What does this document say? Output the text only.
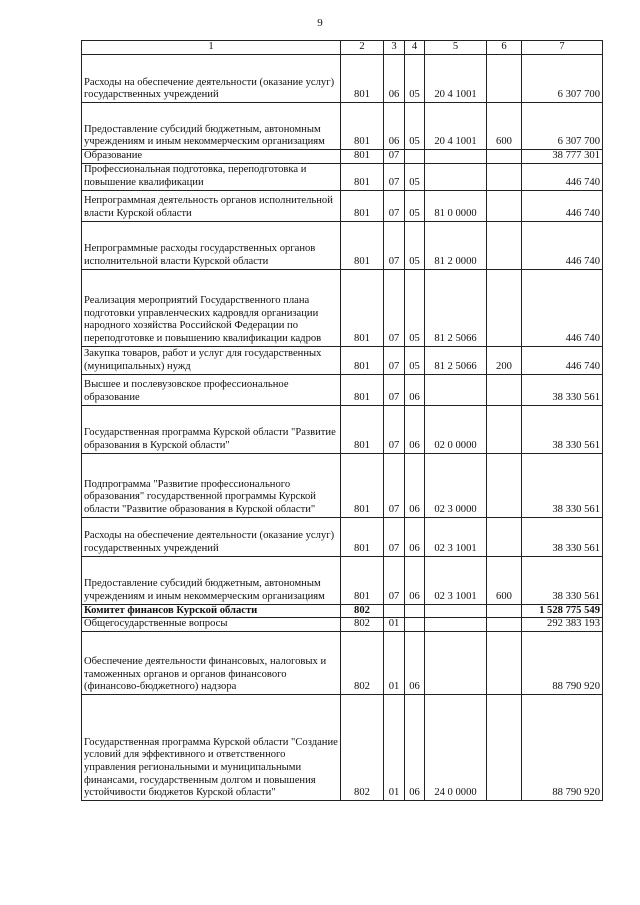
9
1	2	3	4	5	6	7
Расходы на обеспечение деятельности (оказание услуг) государственных учреждений	801	06	05	20 4 1001		6 307 700
Предоставление субсидий бюджетным, автономным учреждениям и иным некоммерческим организациям	801	06	05	20 4 1001	600	6 307 700
Образование	801	07				38 777 301
Профессиональная подготовка, переподготовка и повышение квалификации	801	07	05			446 740
Непрограммная деятельность органов исполнительной власти Курской области	801	07	05	81 0 0000		446 740
Непрограммные расходы государственных органов исполнительной власти Курской области	801	07	05	81 2 0000		446 740
Реализация мероприятий Государственного плана подготовки управленческих кадровдля организации народного хозяйства Российской Федерации по переподготовке и повышению квалификации кадров	801	07	05	81 2 5066		446 740
Закупка товаров, работ и услуг для государственных (муниципальных) нужд	801	07	05	81 2 5066	200	446 740
Высшее и послевузовское профессиональное образование	801	07	06			38 330 561
Государственная программа Курской области "Развитие образования в Курской области"	801	07	06	02 0 0000		38 330 561
Подпрограмма "Развитие профессионального образования" государственной программы Курской области "Развитие образования в Курской области"	801	07	06	02 3 0000		38 330 561
Расходы на обеспечение деятельности (оказание услуг) государственных учреждений	801	07	06	02 3 1001		38 330 561
Предоставление субсидий бюджетным, автономным учреждениям и иным некоммерческим организациям	801	07	06	02 3 1001	600	38 330 561
Комитет финансов Курской области	802					1 528 775 549
Общегосударственные вопросы	802	01				292 383 193
Обеспечение деятельности финансовых, налоговых и таможенных органов и органов финансового (финансово-бюджетного) надзора	802	01	06			88 790 920
Государственная программа Курской области "Создание условий для эффективного и ответственного управления региональными и муниципальными финансами, государственным долгом и повышения устойчивости бюджетов Курской области"	802	01	06	24 0 0000		88 790 920
